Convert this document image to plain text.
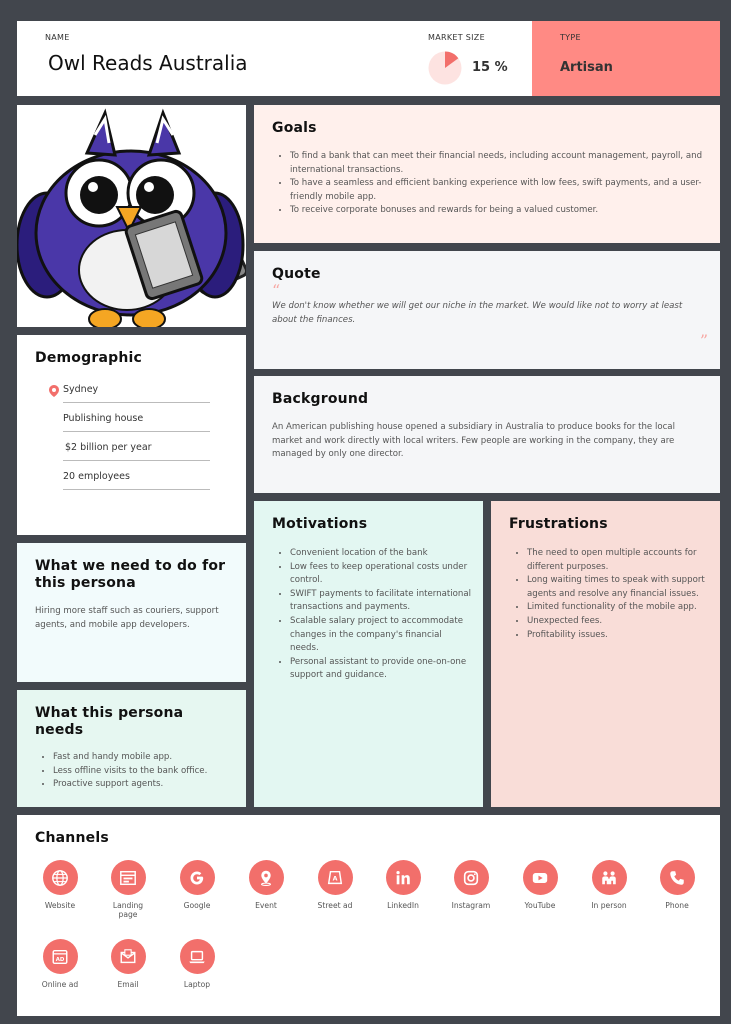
NAME
Owl Reads Australia
MARKET SIZE
15 %
TYPE
Artisan
Goals
• To find a bank that can meet their financial needs, including account management, payroll, and international transactions.
• To have a seamless and efficient banking experience with low fees, swift payments, and a user-friendly mobile app.
• To receive corporate bonuses and rewards for being a valued customer.
Quote
“

We don't know whether we will get our niche in the market. We would like not to worry at least about the finances.

”
Demographic
Sydney
Publishing house
$2 billion per year
20 employees
Background

An American publishing house opened a subsidiary in Australia to produce books for the local market and work directly with local writers. Few people are working in the company, they are managed by only one director.

What we need to do for this persona

Hiring more staff such as couriers, support agents, and mobile app developers.

Motivations
• Convenient location of the bank
• Low fees to keep operational costs under control.
• SWIFT payments to facilitate international transactions and payments.
• Scalable salary project to accommodate changes in the company's financial needs.
• Personal assistant to provide one-on-one support and guidance.
Frustrations
• The need to open multiple accounts for different purposes.
• Long waiting times to speak with support agents and resolve any financial issues.
• Limited functionality of the mobile app.
• Unexpected fees.
• Profitability issues.
What this persona needs
• Fast and handy mobile app.
• Less offline visits to the bank office.
• Proactive support agents.
Channels
Website	Landing page
Google	Event
A
Street ad	LinkedIn	Instagram	YouTube	In person	Phone
AD
Online ad	Email	Laptop
